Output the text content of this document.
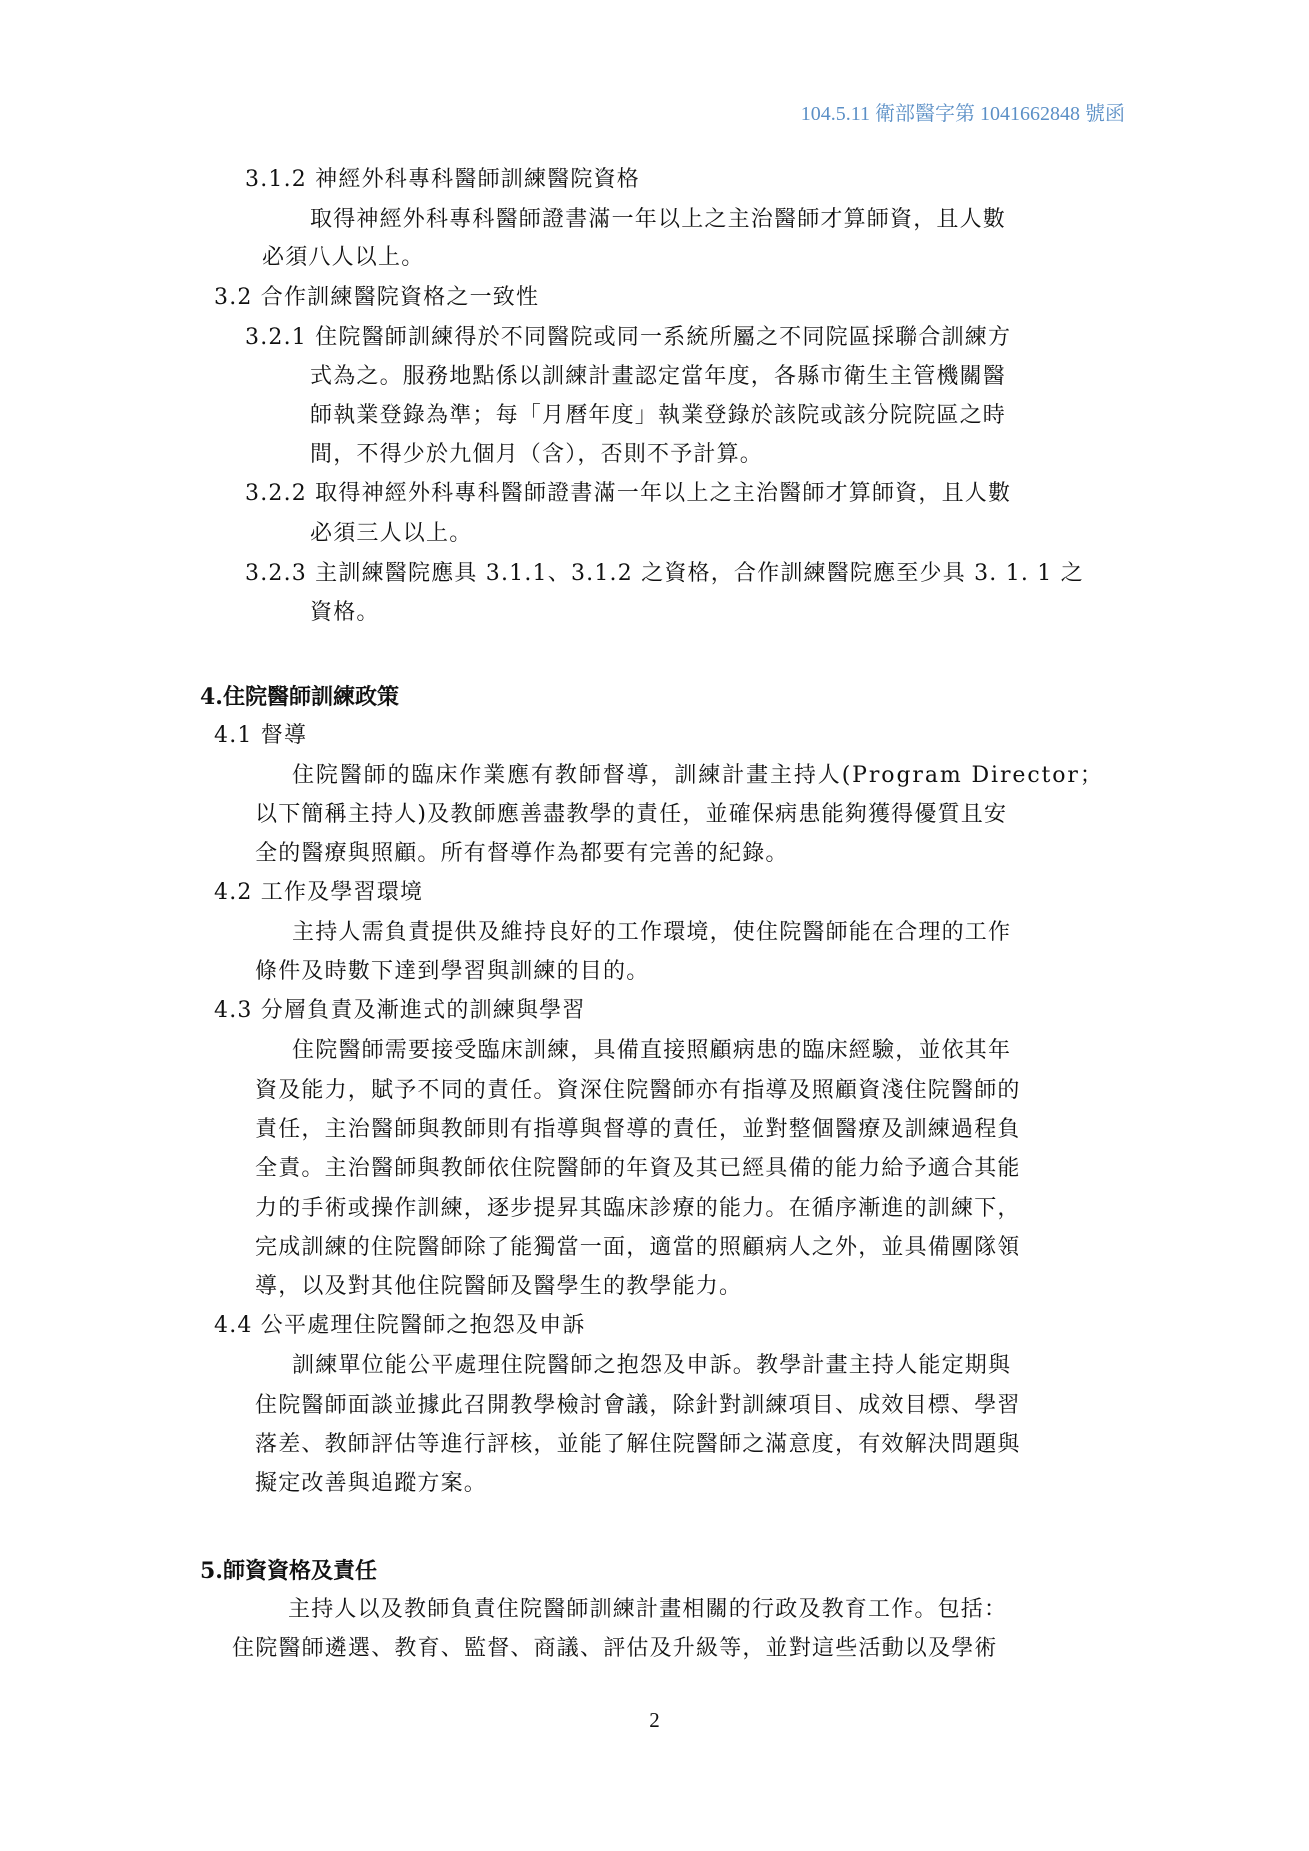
104.5.11 衛部醫字第 1041662848 號函
3.1.2 神經外科專科醫師訓練醫院資格
取得神經外科專科醫師證書滿一年以上之主治醫師才算師資，且人數
必須八人以上。
3.2 合作訓練醫院資格之一致性
3.2.1 住院醫師訓練得於不同醫院或同一系統所屬之不同院區採聯合訓練方
式為之。服務地點係以訓練計畫認定當年度，各縣市衛生主管機關醫
師執業登錄為準；每「月曆年度」執業登錄於該院或該分院院區之時
間，不得少於九個月（含），否則不予計算。
3.2.2 取得神經外科專科醫師證書滿一年以上之主治醫師才算師資，且人數
必須三人以上。
3.2.3 主訓練醫院應具 3.1.1、3.1.2 之資格，合作訓練醫院應至少具 3. 1. 1 之
資格。
4.住院醫師訓練政策
4.1 督導
住院醫師的臨床作業應有教師督導，訓練計畫主持人(Program Director；
以下簡稱主持人)及教師應善盡教學的責任，並確保病患能夠獲得優質且安
全的醫療與照顧。所有督導作為都要有完善的紀錄。
4.2 工作及學習環境
主持人需負責提供及維持良好的工作環境，使住院醫師能在合理的工作
條件及時數下達到學習與訓練的目的。
4.3 分層負責及漸進式的訓練與學習
住院醫師需要接受臨床訓練，具備直接照顧病患的臨床經驗，並依其年
資及能力，賦予不同的責任。資深住院醫師亦有指導及照顧資淺住院醫師的
責任，主治醫師與教師則有指導與督導的責任，並對整個醫療及訓練過程負
全責。主治醫師與教師依住院醫師的年資及其已經具備的能力給予適合其能
力的手術或操作訓練，逐步提昇其臨床診療的能力。在循序漸進的訓練下，
完成訓練的住院醫師除了能獨當一面，適當的照顧病人之外，並具備團隊領
導，以及對其他住院醫師及醫學生的教學能力。
4.4 公平處理住院醫師之抱怨及申訴
訓練單位能公平處理住院醫師之抱怨及申訴。教學計畫主持人能定期與
住院醫師面談並據此召開教學檢討會議，除針對訓練項目、成效目標、學習
落差、教師評估等進行評核，並能了解住院醫師之滿意度，有效解決問題與
擬定改善與追蹤方案。
5.師資資格及責任
主持人以及教師負責住院醫師訓練計畫相關的行政及教育工作。包括：
住院醫師遴選、教育、監督、商議、評估及升級等，並對這些活動以及學術
2
